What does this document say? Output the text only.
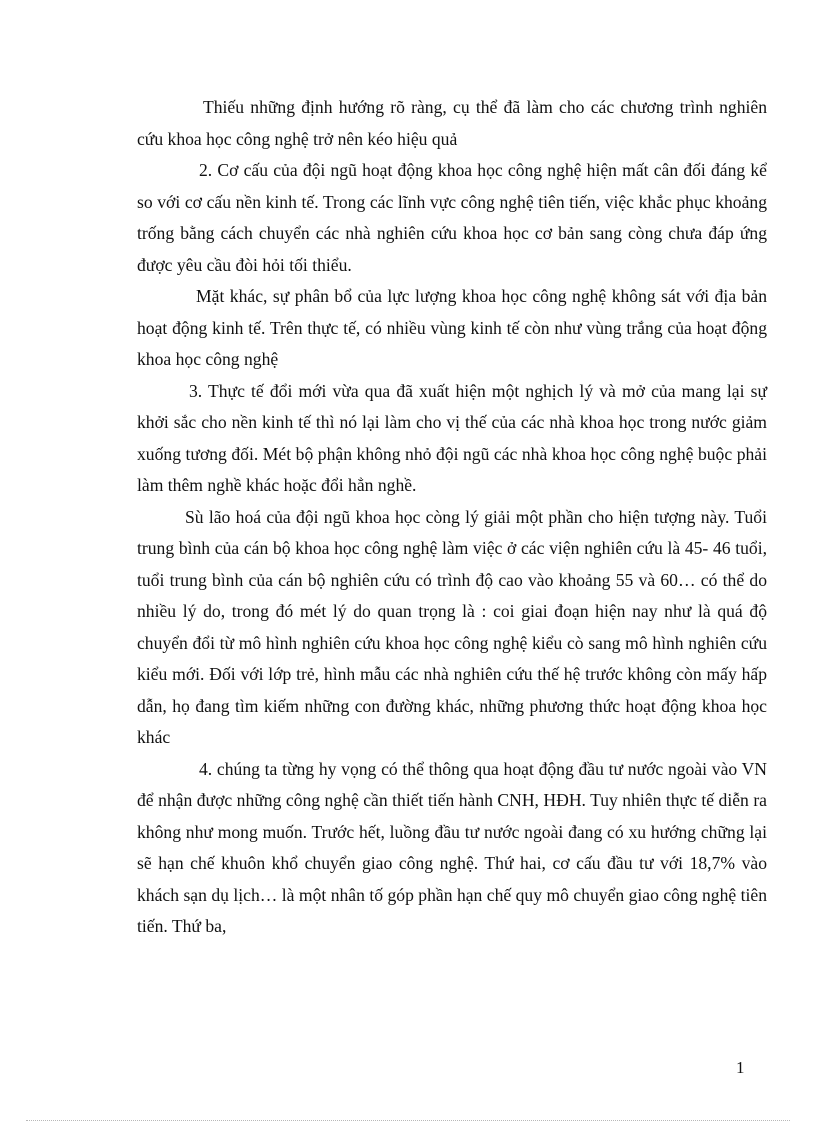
Thiếu những định hướng rõ ràng, cụ thể đã làm cho các chương trình nghiên cứu khoa học công nghệ trở nên kéo hiệu quả

2. Cơ cấu của đội ngũ hoạt động khoa học công nghệ hiện mất cân đối đáng kể so với cơ cấu nền kinh tế. Trong các lĩnh vực công nghệ tiên tiến, việc khắc phục khoảng trống bằng cách chuyển các nhà nghiên cứu khoa học cơ bản sang còng chưa đáp ứng được yêu cầu đòi hỏi tối thiểu.

Mặt khác, sự phân bổ của lực lượng khoa học công nghệ không sát với địa bản hoạt động kinh tế. Trên thực tế, có nhiều vùng kinh tế còn như vùng trắng của hoạt động khoa học công nghệ

3. Thực tế đổi mới vừa qua đã xuất hiện một nghịch lý và mở của mang lại sự khởi sắc cho nền kinh tế thì nó lại làm cho vị thế của các nhà khoa học trong nước giảm xuống tương đối. Mét bộ phận không nhỏ đội ngũ các nhà khoa học công nghệ buộc phải làm thêm nghề khác hoặc đổi hẳn nghề.

Sù lão hoá của đội ngũ khoa học còng lý giải một phần cho hiện tượng này. Tuổi trung bình của cán bộ khoa học công nghệ làm việc ở các viện nghiên cứu là 45- 46 tuổi, tuổi trung bình của cán bộ nghiên cứu có trình độ cao vào khoảng 55 và 60… có thể do nhiều lý do, trong đó mét lý do quan trọng là : coi giai đoạn hiện nay như là quá độ chuyển đổi từ mô hình nghiên cứu khoa học công nghệ kiểu cò sang mô hình nghiên cứu kiểu mới. Đối với lớp trẻ, hình mẫu các nhà nghiên cứu thế hệ trước không còn mấy hấp dẫn, họ đang tìm kiếm những con đường khác, những phương thức hoạt động khoa học khác

4. chúng ta từng hy vọng có thể thông qua hoạt động đầu tư nước ngoài vào VN để nhận được những công nghệ cần thiết tiến hành CNH, HĐH. Tuy nhiên thực tế diễn ra không như mong muốn. Trước hết, luồng đầu tư nước ngoài đang có xu hướng chững lại sẽ hạn chế khuôn khổ chuyển giao công nghệ. Thứ hai, cơ cấu đầu tư với 18,7% vào khách sạn dụ lịch… là một nhân tố góp phần hạn chế quy mô chuyển giao công nghệ tiên tiến. Thứ ba,

1
